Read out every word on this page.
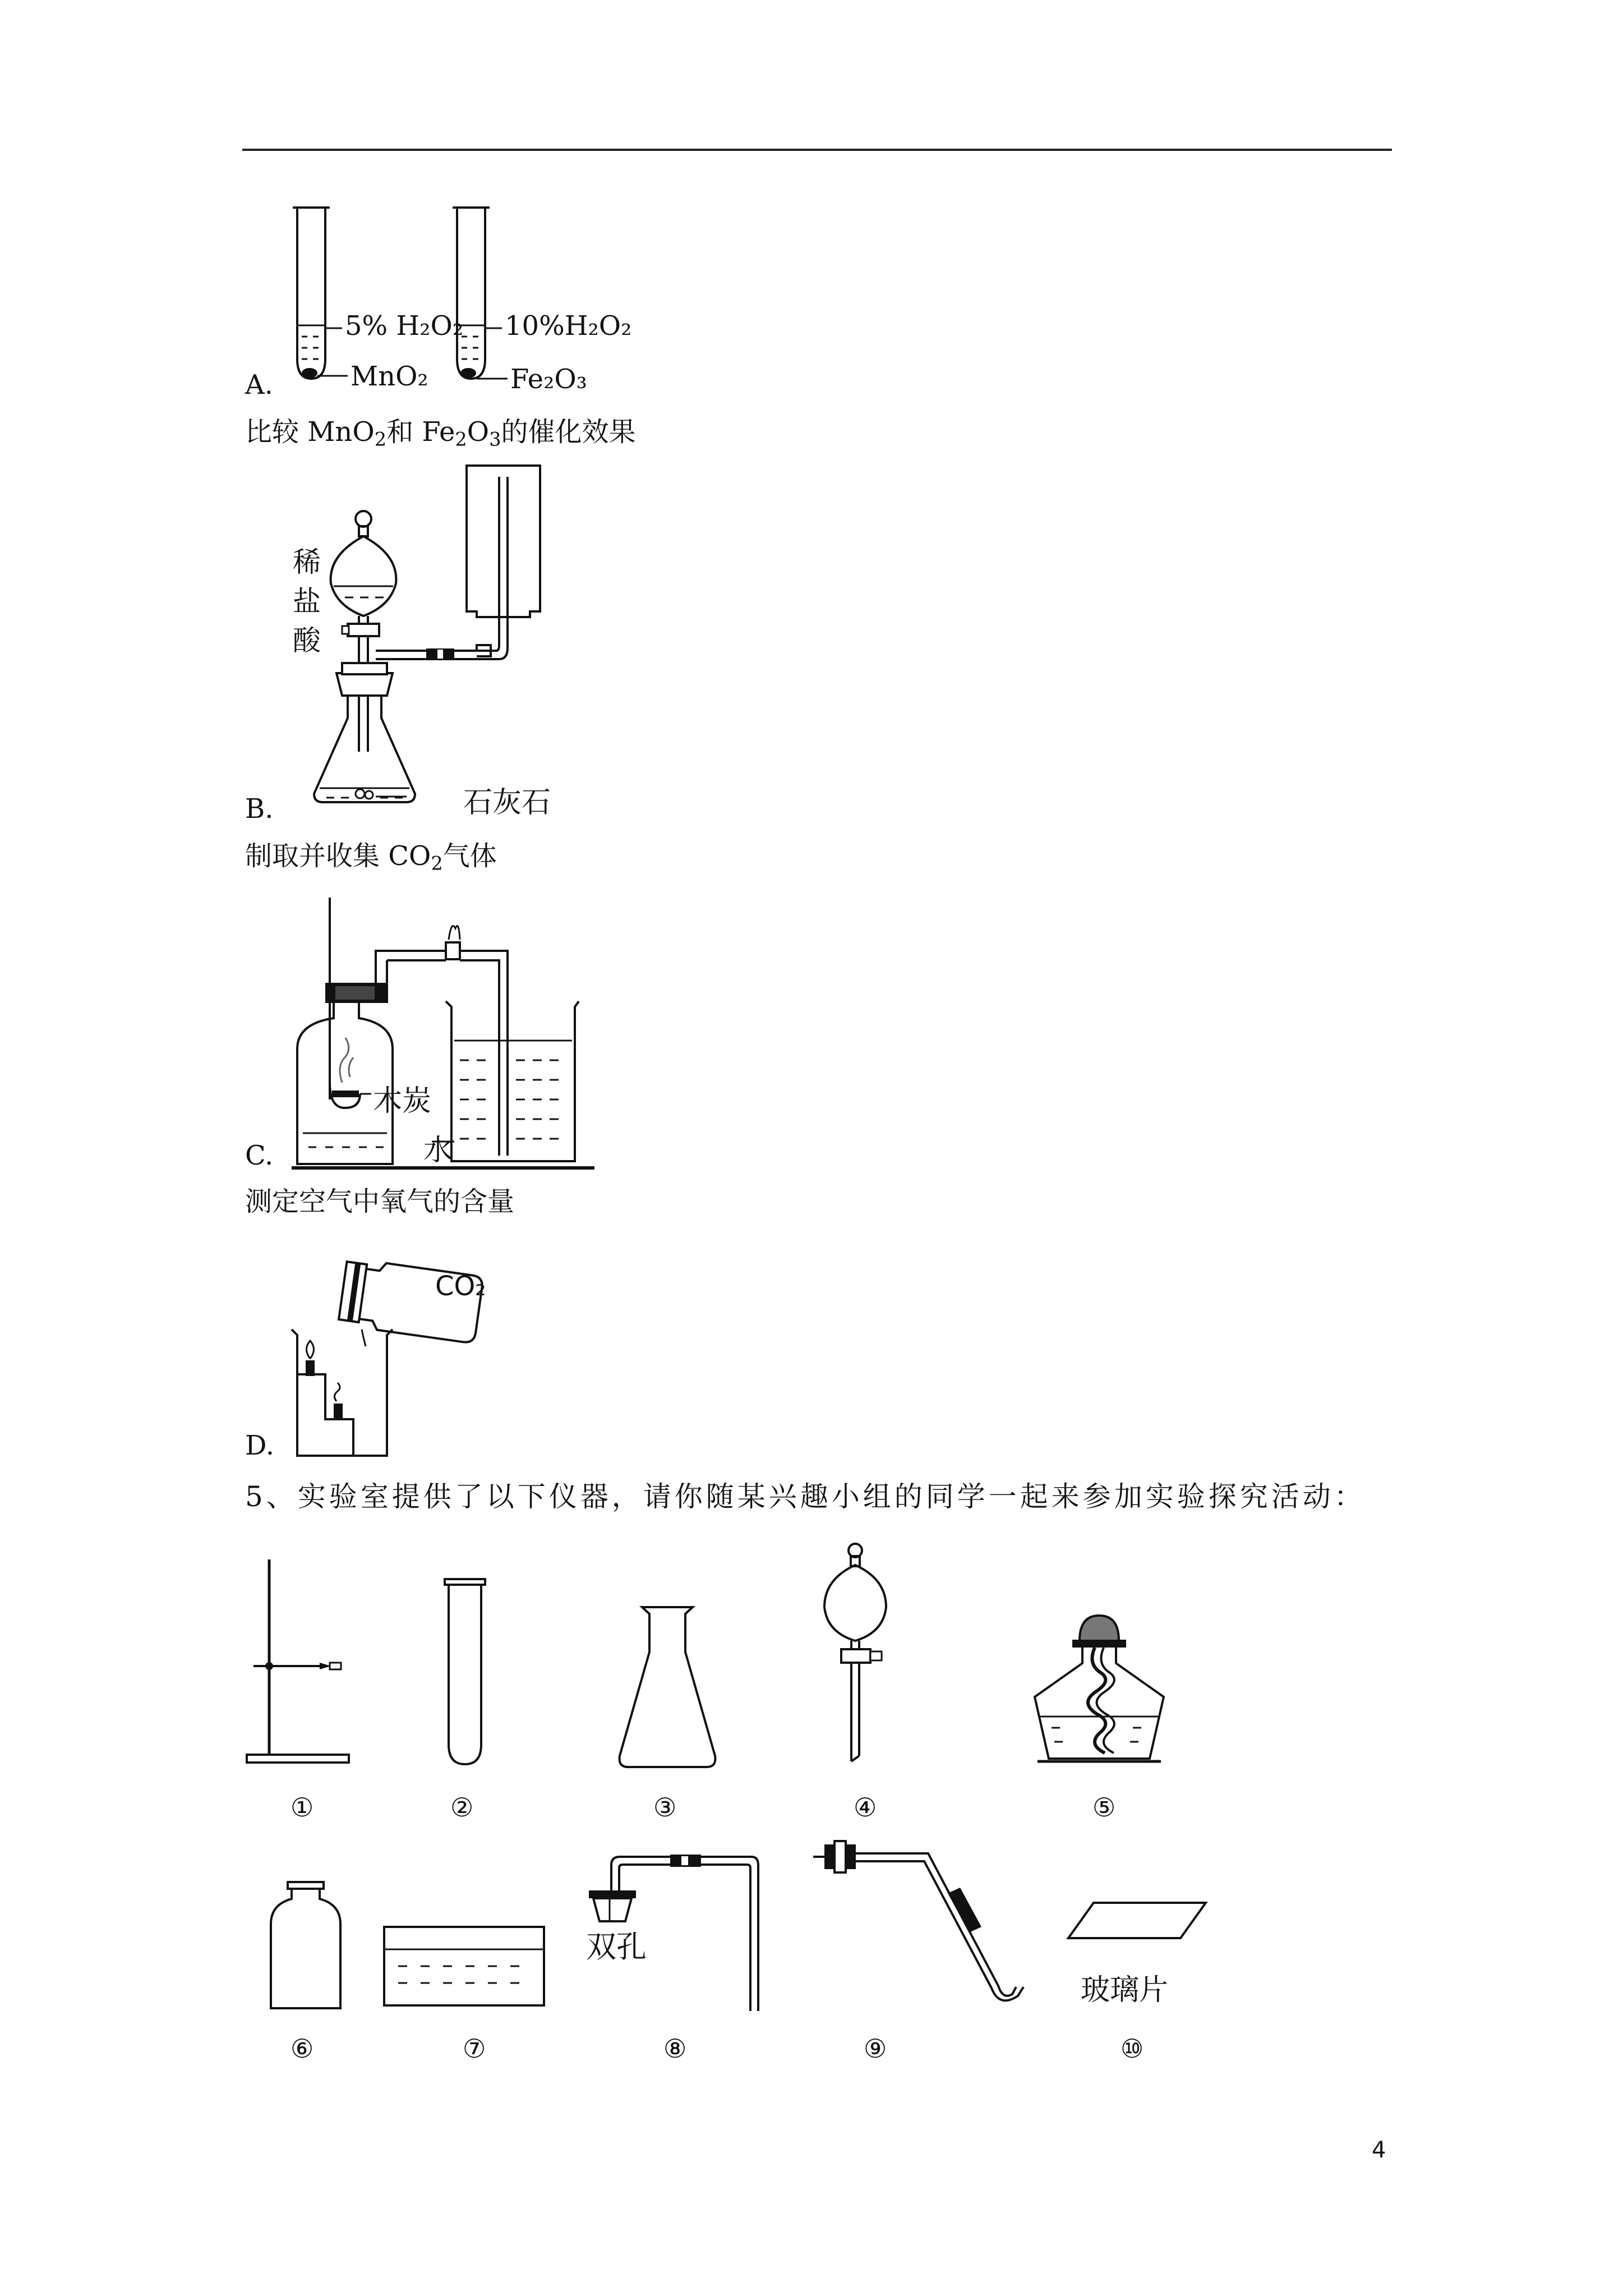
5% H₂O₂
MnO₂
10%H₂O₂
Fe₂O₃
A.
比较 MnO$_2$和 $Fe_2O_3$的催化效果
稀
盐
酸
石灰石
B.
制取并收集 $CO_2$气体
木炭
水
C.
测定空气中氧气的含量
CO₂
D.
5、实验室提供了以下仪器，请你随某兴趣小组的同学一起来参加实验探究活动：
①	②	③	④	⑤
双孔
玻璃片
⑥	⑦	⑧	⑨	⑩
4
